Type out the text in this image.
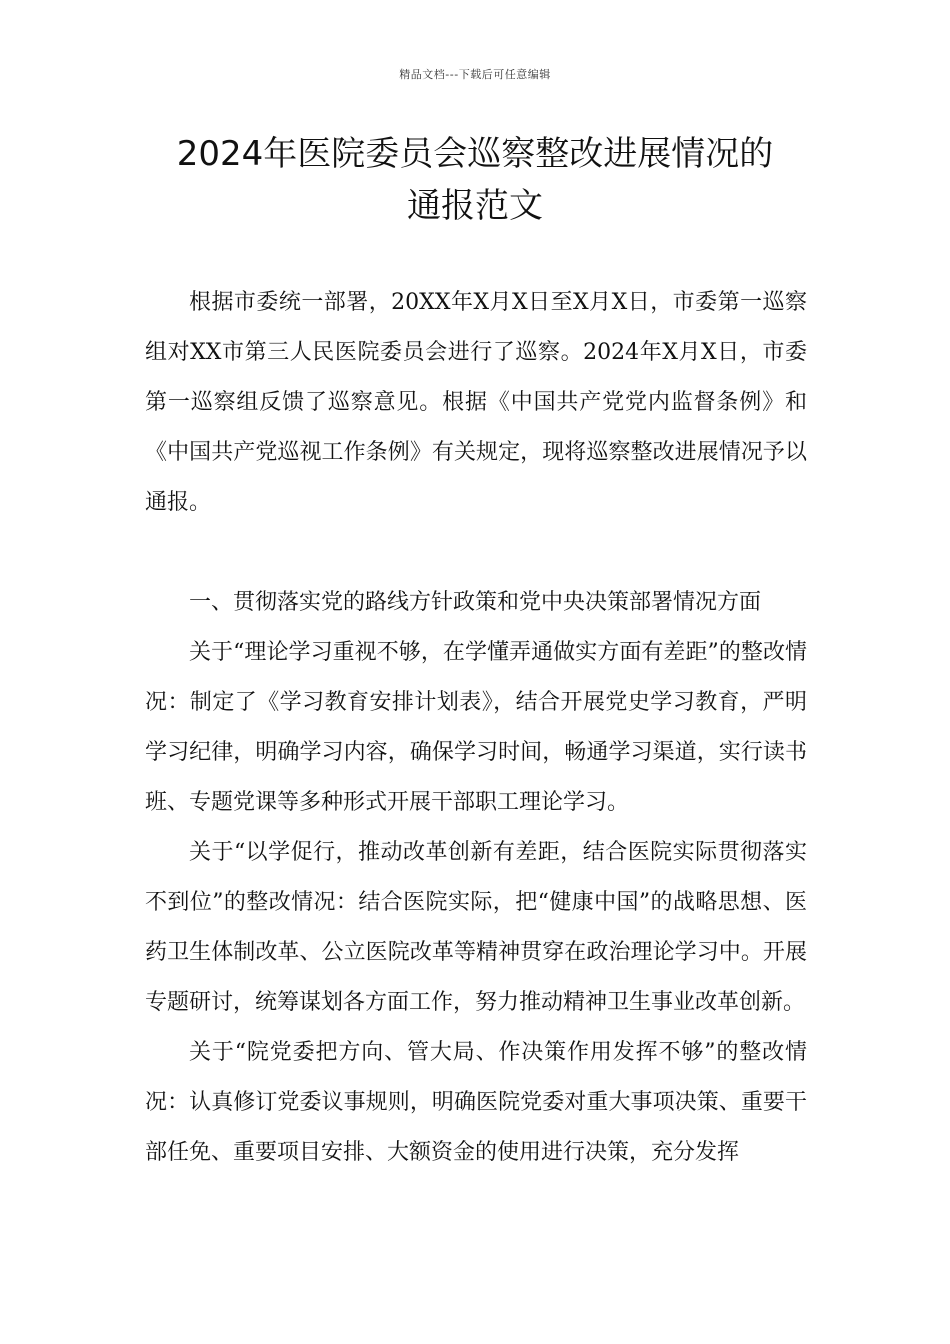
精品文档---下载后可任意编辑
2024年医院委员会巡察整改进展情况的
通报范文

根据市委统一部署，20XX年X月X日至X月X日，市委第一巡察组对XX市第三人民医院委员会进行了巡察。2024年X月X日，市委第一巡察组反馈了巡察意见。根据《中国共产党党内监督条例》和《中国共产党巡视工作条例》有关规定，现将巡察整改进展情况予以通报。

一、贯彻落实党的路线方针政策和党中央决策部署情况方面

关于“理论学习重视不够，在学懂弄通做实方面有差距”的整改情况：制定了《学习教育安排计划表》，结合开展党史学习教育，严明学习纪律，明确学习内容，确保学习时间，畅通学习渠道，实行读书班、专题党课等多种形式开展干部职工理论学习。

关于“以学促行，推动改革创新有差距，结合医院实际贯彻落实不到位”的整改情况：结合医院实际，把“健康中国”的战略思想、医药卫生体制改革、公立医院改革等精神贯穿在政治理论学习中。开展专题研讨，统筹谋划各方面工作，努力推动精神卫生事业改革创新。

关于“院党委把方向、管大局、作决策作用发挥不够”的整改情况：认真修订党委议事规则，明确医院党委对重大事项决策、重要干部任免、重要项目安排、大额资金的使用进行决策，充分发挥
